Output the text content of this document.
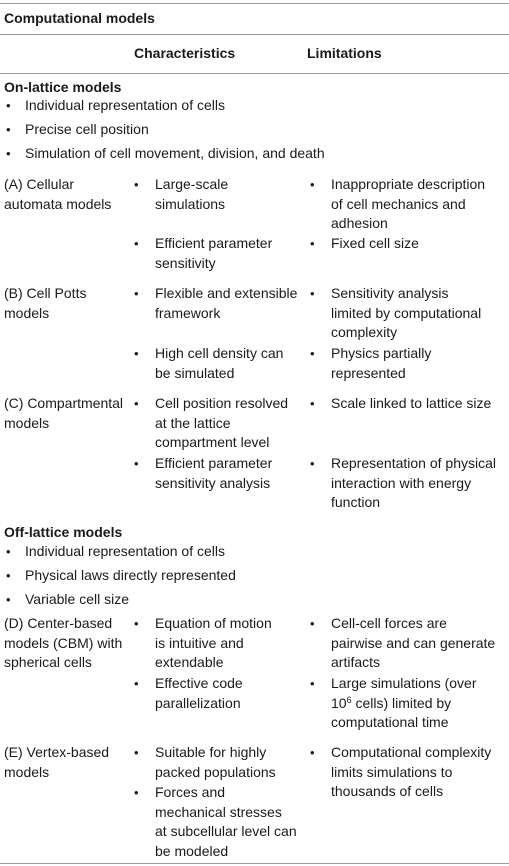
Computational models
Characteristics	Limitations
On-lattice models
• Individual representation of cells
• Precise cell position
• Simulation of cell movement, division, and death
(A) Cellular
automata models
• Large-scale
simulations
• Efficient parameter
sensitivity
• Inappropriate description
of cell mechanics and
adhesion
• Fixed cell size
(B) Cell Potts
models
• Flexible and extensible
framework
• High cell density can
be simulated
• Sensitivity analysis
limited by computational
complexity
• Physics partially
represented
(C) Compartmental
models
• Cell position resolved
at the lattice
compartment level
• Efficient parameter
sensitivity analysis
• Scale linked to lattice size
• Representation of physical
interaction with energy
function
Off-lattice models
• Individual representation of cells
• Physical laws directly represented
• Variable cell size
(D) Center-based
models (CBM) with
spherical cells
• Equation of motion
is intuitive and
extendable
• Effective code
parallelization
• Cell-cell forces are
pairwise and can generate
artifacts
• Large simulations (over
$10^6$ cells) limited by
computational time
(E) Vertex-based
models
• Suitable for highly
packed populations
• Forces and
mechanical stresses
at subcellular level can
be modeled
• Computational complexity
limits simulations to
thousands of cells
